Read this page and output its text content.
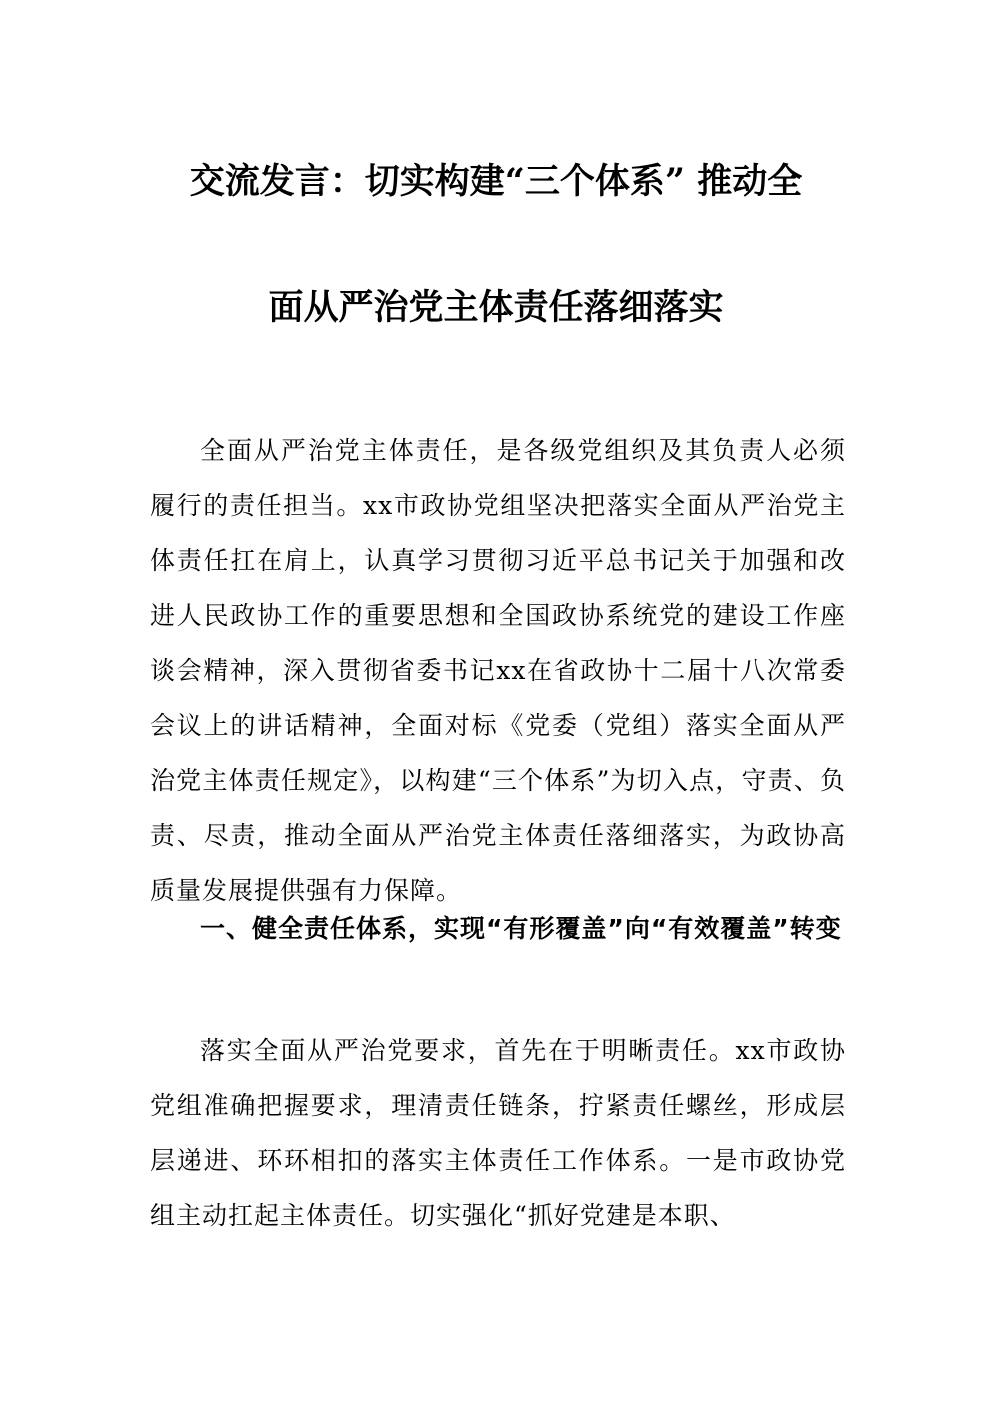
交流发言：切实构建“三个体系” 推动全
面从严治党主体责任落细落实
全面从严治党主体责任，是各级党组织及其负责人必须履行的责任担当。xx市政协党组坚决把落实全面从严治党主体责任扛在肩上，认真学习贯彻习近平总书记关于加强和改进人民政协工作的重要思想和全国政协系统党的建设工作座谈会精神，深入贯彻省委书记xx在省政协十二届十八次常委会议上的讲话精神，全面对标《党委（党组）落实全面从严治党主体责任规定》，以构建“三个体系”为切入点，守责、负责、尽责，推动全面从严治党主体责任落细落实，为政协高质量发展提供强有力保障。
一、健全责任体系，实现“有形覆盖”向“有效覆盖”转变
落实全面从严治党要求，首先在于明晰责任。xx市政协党组准确把握要求，理清责任链条，拧紧责任螺丝，形成层层递进、环环相扣的落实主体责任工作体系。一是市政协党组主动扛起主体责任。切实强化“抓好党建是本职、
